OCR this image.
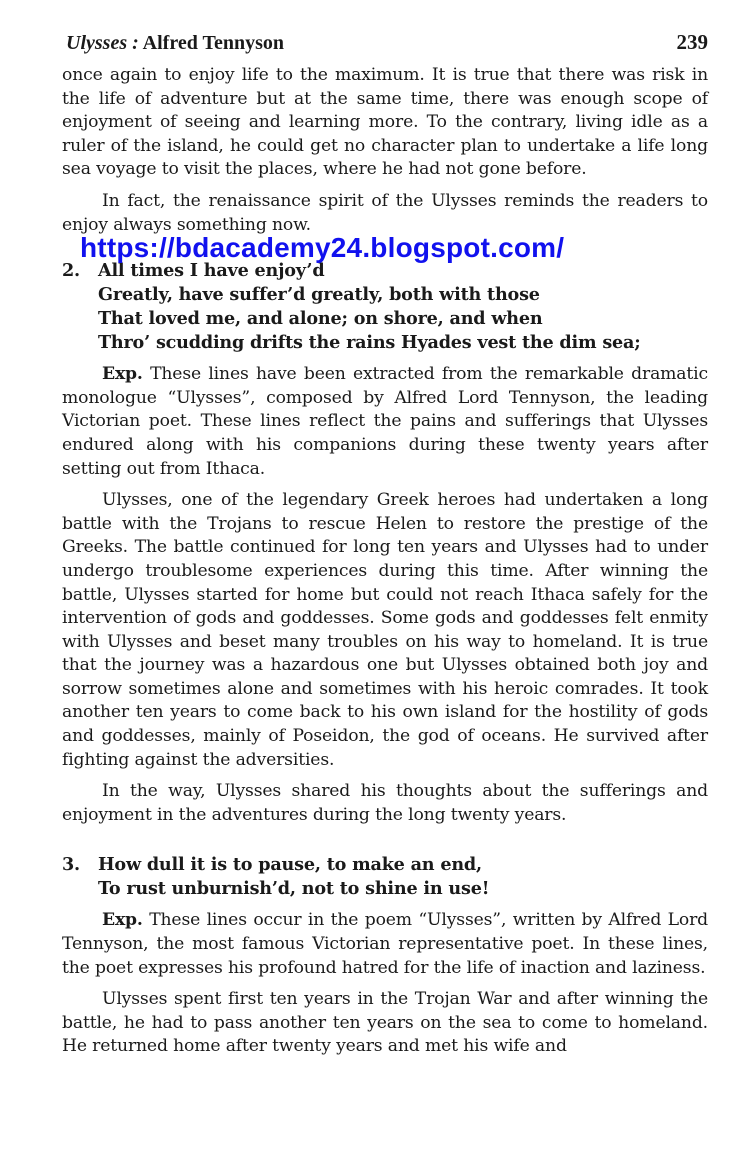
Ulysses : Alfred Tennyson	239

once again to enjoy life to the maximum. It is true that there was risk in the life of adventure but at the same time, there was enough scope of enjoyment of seeing and learning more. To the contrary, living idle as a ruler of the island, he could get no character plan to undertake a life long sea voyage to visit the places, where he had not gone before.

In fact, the renaissance spirit of the Ulysses reminds the readers to enjoy always something now.

https://bdacademy24.blogspot.com/
2.	All times I have enjoy’d
Greatly, have suffer’d greatly, both with those
That loved me, and alone; on shore, and when
Thro’ scudding drifts the rains Hyades vest the dim sea;

Exp. These lines have been extracted from the remarkable dramatic monologue “Ulysses”, composed by Alfred Lord Tennyson, the leading Victorian poet. These lines reflect the pains and sufferings that Ulysses endured along with his companions during these twenty years after setting out from Ithaca.

Ulysses, one of the legendary Greek heroes had undertaken a long battle with the Trojans to rescue Helen to restore the prestige of the Greeks. The battle continued for long ten years and Ulysses had to under undergo troublesome experiences during this time. After winning the battle, Ulysses started for home but could not reach Ithaca safely for the intervention of gods and goddesses. Some gods and goddesses felt enmity with Ulysses and beset many troubles on his way to homeland. It is true that the journey was a hazardous one but Ulysses obtained both joy and sorrow sometimes alone and sometimes with his heroic comrades. It took another ten years to come back to his own island for the hostility of gods and goddesses, mainly of Poseidon, the god of oceans. He survived after fighting against the adversities.

In the way, Ulysses shared his thoughts about the sufferings and enjoyment in the adventures during the long twenty years.

3.	How dull it is to pause, to make an end,
To rust unburnish’d, not to shine in use!

Exp. These lines occur in the poem “Ulysses”, written by Alfred Lord Tennyson, the most famous Victorian representative poet. In these lines, the poet expresses his profound hatred for the life of inaction and laziness.

Ulysses spent first ten years in the Trojan War and after winning the battle, he had to pass another ten years on the sea to come to homeland. He returned home after twenty years and met his wife and
